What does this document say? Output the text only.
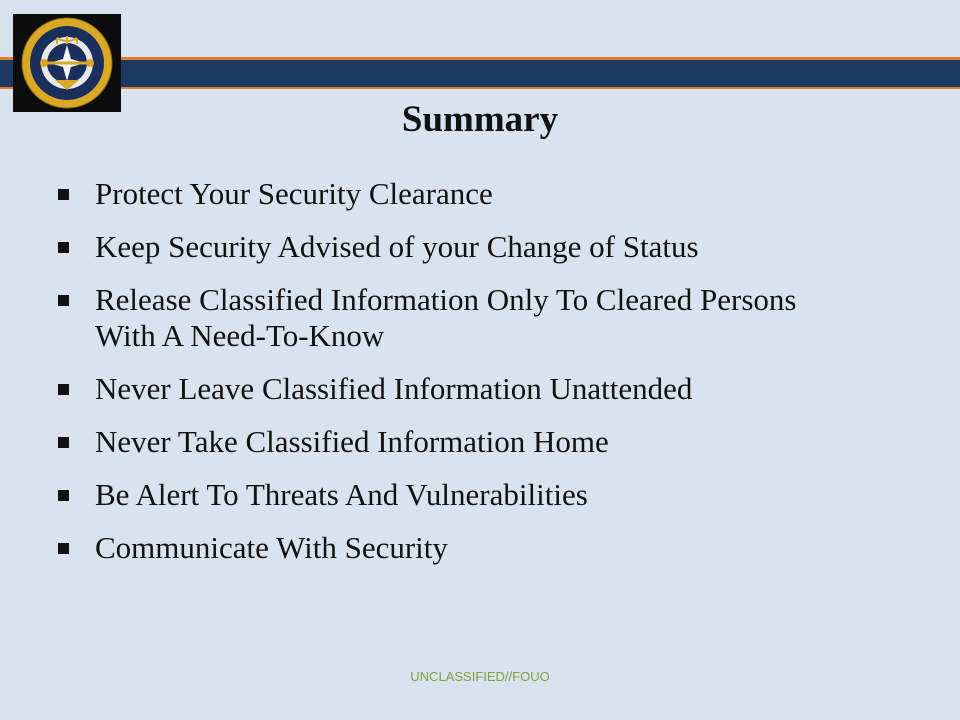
Summary
Protect Your Security Clearance
Keep Security Advised of your Change of Status
Release Classified Information Only To Cleared Persons With A Need-To-Know
Never Leave Classified Information Unattended
Never Take Classified Information Home
Be Alert To Threats And Vulnerabilities
Communicate With Security
UNCLASSIFIED//FOUO
